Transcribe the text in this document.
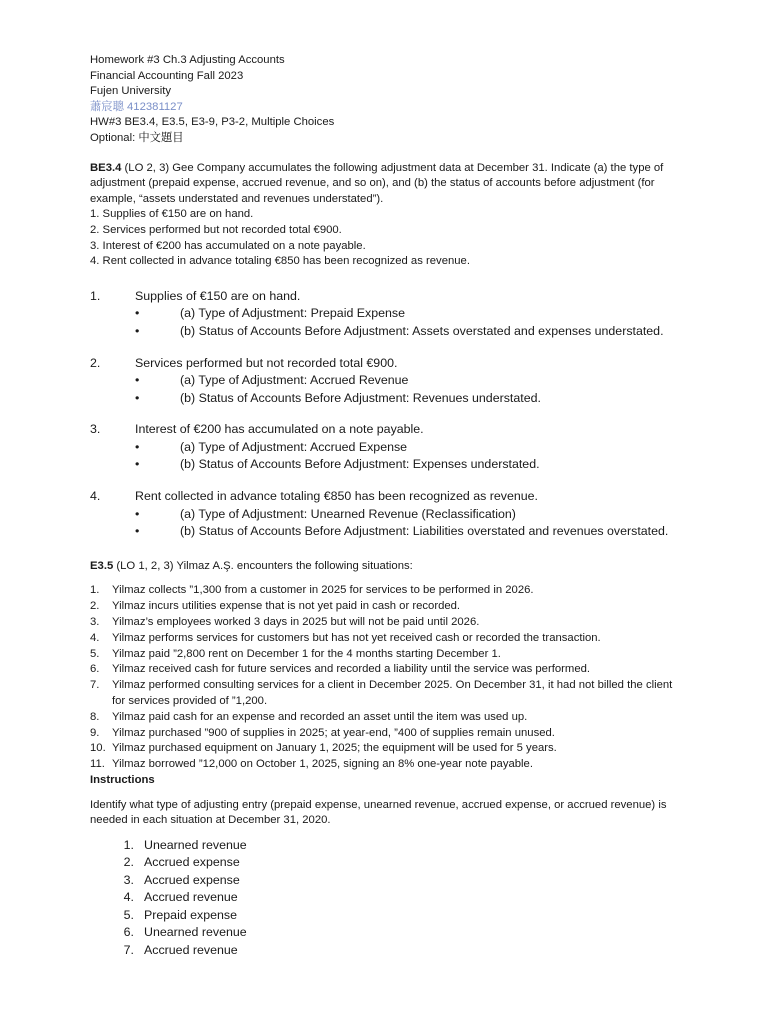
Homework #3 Ch.3 Adjusting Accounts
Financial Accounting Fall 2023
Fujen University
蕭宸聰 412381127
HW#3 BE3.4, E3.5, E3-9, P3-2, Multiple Choices
Optional: 中文題目

BE3.4 (LO 2, 3) Gee Company accumulates the following adjustment data at December 31. Indicate (a) the type of adjustment (prepaid expense, accrued revenue, and so on), and (b) the status of accounts before adjustment (for example, “assets understated and revenues understated”).

1. Supplies of €150 are on hand.
2. Services performed but not recorded total €900.
3. Interest of €200 has accumulated on a note payable.
4. Rent collected in advance totaling €850 has been recognized as revenue.
1.	Supplies of €150 are on hand.
•	(a) Type of Adjustment: Prepaid Expense
•	(b) Status of Accounts Before Adjustment: Assets overstated and expenses understated.
2.	Services performed but not recorded total €900.
•	(a) Type of Adjustment: Accrued Revenue
•	(b) Status of Accounts Before Adjustment: Revenues understated.
3.	Interest of €200 has accumulated on a note payable.
•	(a) Type of Adjustment: Accrued Expense
•	(b) Status of Accounts Before Adjustment: Expenses understated.
4.	Rent collected in advance totaling €850 has been recognized as revenue.
•	(a) Type of Adjustment: Unearned Revenue (Reclassification)
•	(b) Status of Accounts Before Adjustment: Liabilities overstated and revenues overstated.

E3.5 (LO 1, 2, 3) Yilmaz A.Ş. encounters the following situations:

1.	Yilmaz collects ”1,300 from a customer in 2025 for services to be performed in 2026.
2.	Yilmaz incurs utilities expense that is not yet paid in cash or recorded.
3.	Yilmaz’s employees worked 3 days in 2025 but will not be paid until 2026.
4.	Yilmaz performs services for customers but has not yet received cash or recorded the transaction.
5.	Yilmaz paid ”2,800 rent on December 1 for the 4 months starting December 1.
6.	Yilmaz received cash for future services and recorded a liability until the service was performed.
7.	Yilmaz performed consulting services for a client in December 2025. On December 31, it had not billed the client for services provided of ”1,200.
8.	Yilmaz paid cash for an expense and recorded an asset until the item was used up.
9.	Yilmaz purchased ”900 of supplies in 2025; at year-end, ”400 of supplies remain unused.
10. Yilmaz purchased equipment on January 1, 2025; the equipment will be used for 5 years.
11. Yilmaz borrowed ”12,000 on October 1, 2025, signing an 8% one-year note payable.
Instructions
Identify what type of adjusting entry (prepaid expense, unearned revenue, accrued expense, or accrued revenue) is needed in each situation at December 31, 2020.
1. Unearned revenue
2. Accrued expense
3. Accrued expense
4. Accrued revenue
5. Prepaid expense
6. Unearned revenue
7. Accrued revenue
